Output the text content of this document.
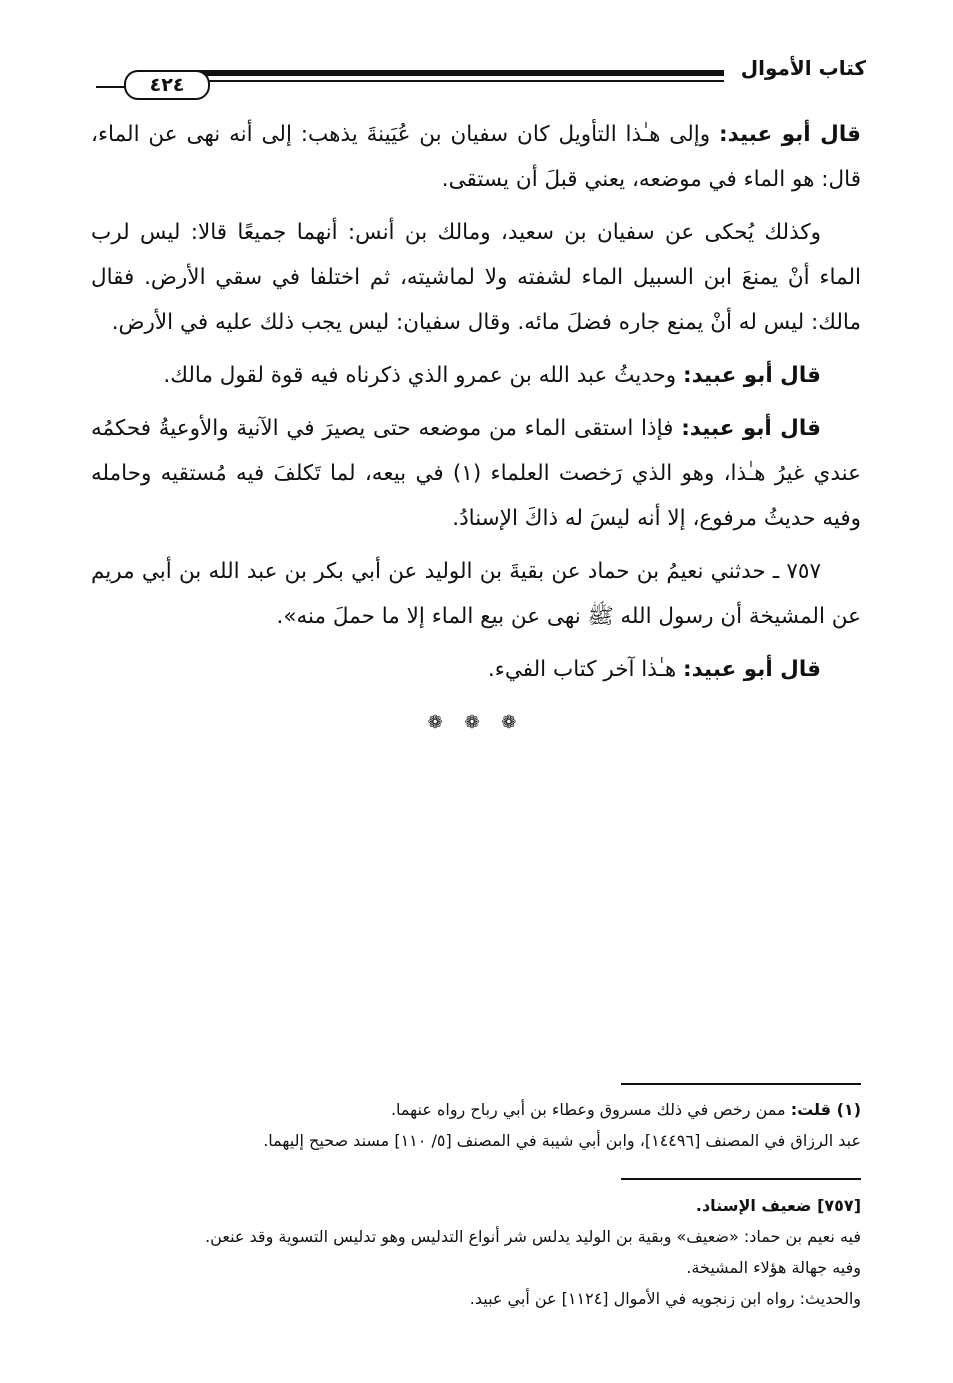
كتاب الأموال
٤٢٤

قال أبو عبيد: وإلى هـٰذا التأويل كان سفيان بن عُيَينةَ يذهب: إلى أنه نهى عن الماء، قال: هو الماء في موضعه، يعني قبلَ أن يستقى.

وكذلك يُحكى عن سفيان بن سعيد، ومالك بن أنس: أنهما جميعًا قالا: ليس لرب الماء أنْ يمنعَ ابن السبيل الماء لشفته ولا لماشيته، ثم اختلفا في سقي الأرض. فقال مالك: ليس له أنْ يمنع جاره فضلَ مائه. وقال سفيان: ليس يجب ذلك عليه في الأرض.

قال أبو عبيد: وحديثُ عبد الله بن عمرو الذي ذكرناه فيه قوة لقول مالك.

قال أبو عبيد: فإذا استقى الماء من موضعه حتى يصيرَ في الآنية والأوعيةُ فحكمُه عندي غيرُ هـٰذا، وهو الذي رَخصت العلماء (١) في بيعه، لما تَكلفَ فيه مُستقيه وحامله وفيه حديثُ مرفوع، إلا أنه ليسَ له ذاكَ الإسنادُ.

٧٥٧ ـ حدثني نعيمُ بن حماد عن بقيةَ بن الوليد عن أبي بكر بن عبد الله بن أبي مريم عن المشيخة أن رسول الله ﷺ نهى عن بيع الماء إلا ما حملَ منه».

قال أبو عبيد: هـٰذا آخر كتاب الفيء.

❁ ❁ ❁

(١) قلت: ممن رخص في ذلك مسروق وعطاء بن أبي رباح رواه عنهما.

عبد الرزاق في المصنف [١٤٤٩٦]، وابن أبي شيبة في المصنف [٥/ ١١٠] مسند صحيح إليهما.

[٧٥٧] ضعيف الإسناد.

فيه نعيم بن حماد: «ضعيف» وبقية بن الوليد يدلس شر أنواع التدليس وهو تدليس التسوية وقد عنعن.

وفيه جهالة هؤلاء المشيخة.

والحديث: رواه ابن زنجويه في الأموال [١١٢٤] عن أبي عبيد.
